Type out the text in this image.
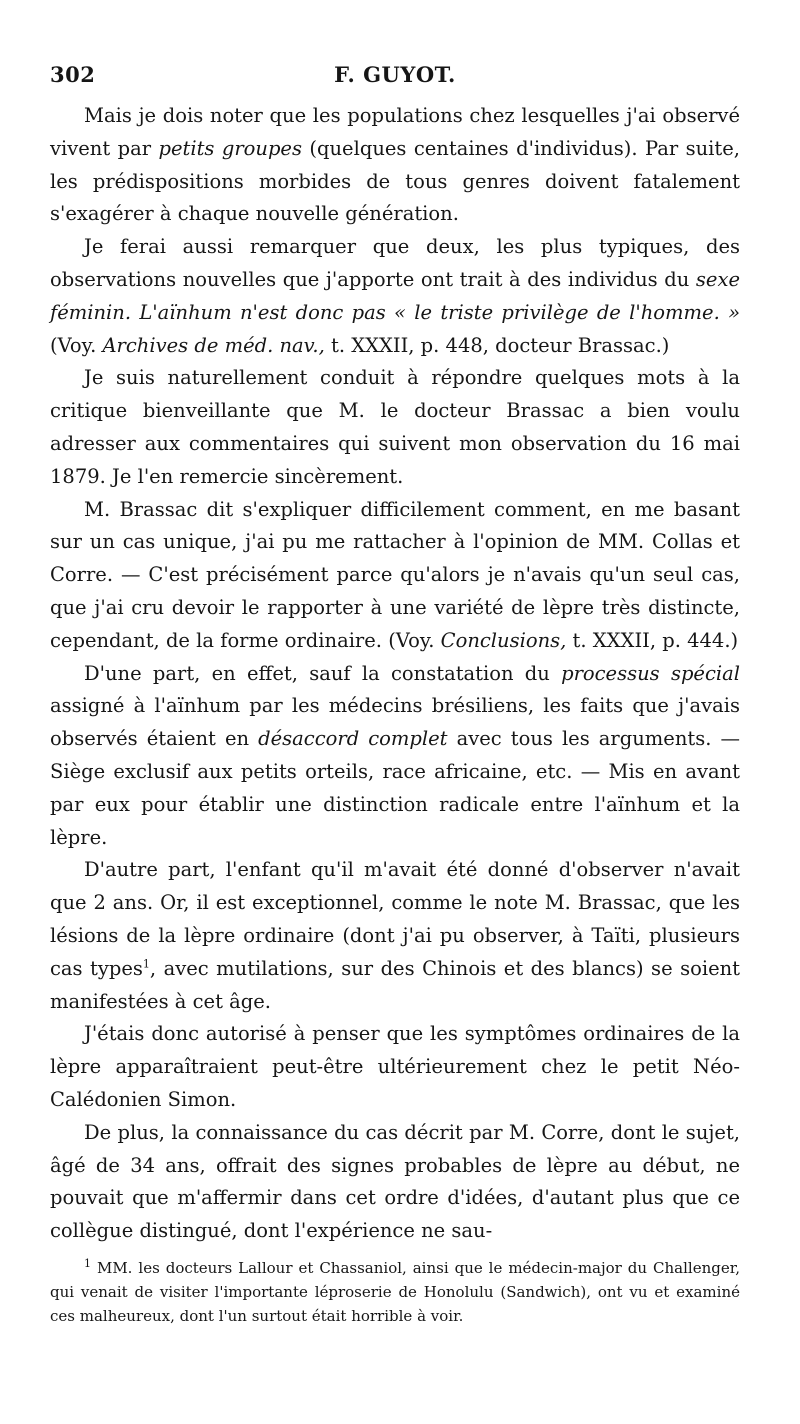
302	F. GUYOT.

Mais je dois noter que les populations chez lesquelles j'ai observé vivent par petits groupes (quelques centaines d'individus). Par suite, les prédispositions morbides de tous genres doivent fatalement s'exagérer à chaque nouvelle génération.

Je ferai aussi remarquer que deux, les plus typiques, des observations nouvelles que j'apporte ont trait à des individus du sexe féminin. L'aïnhum n'est donc pas « le triste privilège de l'homme. » (Voy. Archives de méd. nav., t. XXXII, p. 448, docteur Brassac.)

Je suis naturellement conduit à répondre quelques mots à la critique bienveillante que M. le docteur Brassac a bien voulu adresser aux commentaires qui suivent mon observation du 16 mai 1879. Je l'en remercie sincèrement.

M. Brassac dit s'expliquer difficilement comment, en me basant sur un cas unique, j'ai pu me rattacher à l'opinion de MM. Collas et Corre. — C'est précisément parce qu'alors je n'avais qu'un seul cas, que j'ai cru devoir le rapporter à une variété de lèpre très distincte, cependant, de la forme ordinaire. (Voy. Conclusions, t. XXXII, p. 444.)

D'une part, en effet, sauf la constatation du processus spécial assigné à l'aïnhum par les médecins brésiliens, les faits que j'avais observés étaient en désaccord complet avec tous les arguments. — Siège exclusif aux petits orteils, race africaine, etc. — Mis en avant par eux pour établir une distinction radicale entre l'aïnhum et la lèpre.

D'autre part, l'enfant qu'il m'avait été donné d'observer n'avait que 2 ans. Or, il est exceptionnel, comme le note M. Brassac, que les lésions de la lèpre ordinaire (dont j'ai pu observer, à Taïti, plusieurs cas types$^1$, avec mutilations, sur des Chinois et des blancs) se soient manifestées à cet âge.

J'étais donc autorisé à penser que les symptômes ordinaires de la lèpre apparaîtraient peut-être ultérieurement chez le petit Néo-Calédonien Simon.

De plus, la connaissance du cas décrit par M. Corre, dont le sujet, âgé de 34 ans, offrait des signes probables de lèpre au début, ne pouvait que m'affermir dans cet ordre d'idées, d'autant plus que ce collègue distingué, dont l'expérience ne sau-

$^1$ MM. les docteurs Lallour et Chassaniol, ainsi que le médecin-major du Challenger, qui venait de visiter l'importante léproserie de Honolulu (Sandwich), ont vu et examiné ces malheureux, dont l'un surtout était horrible à voir.
